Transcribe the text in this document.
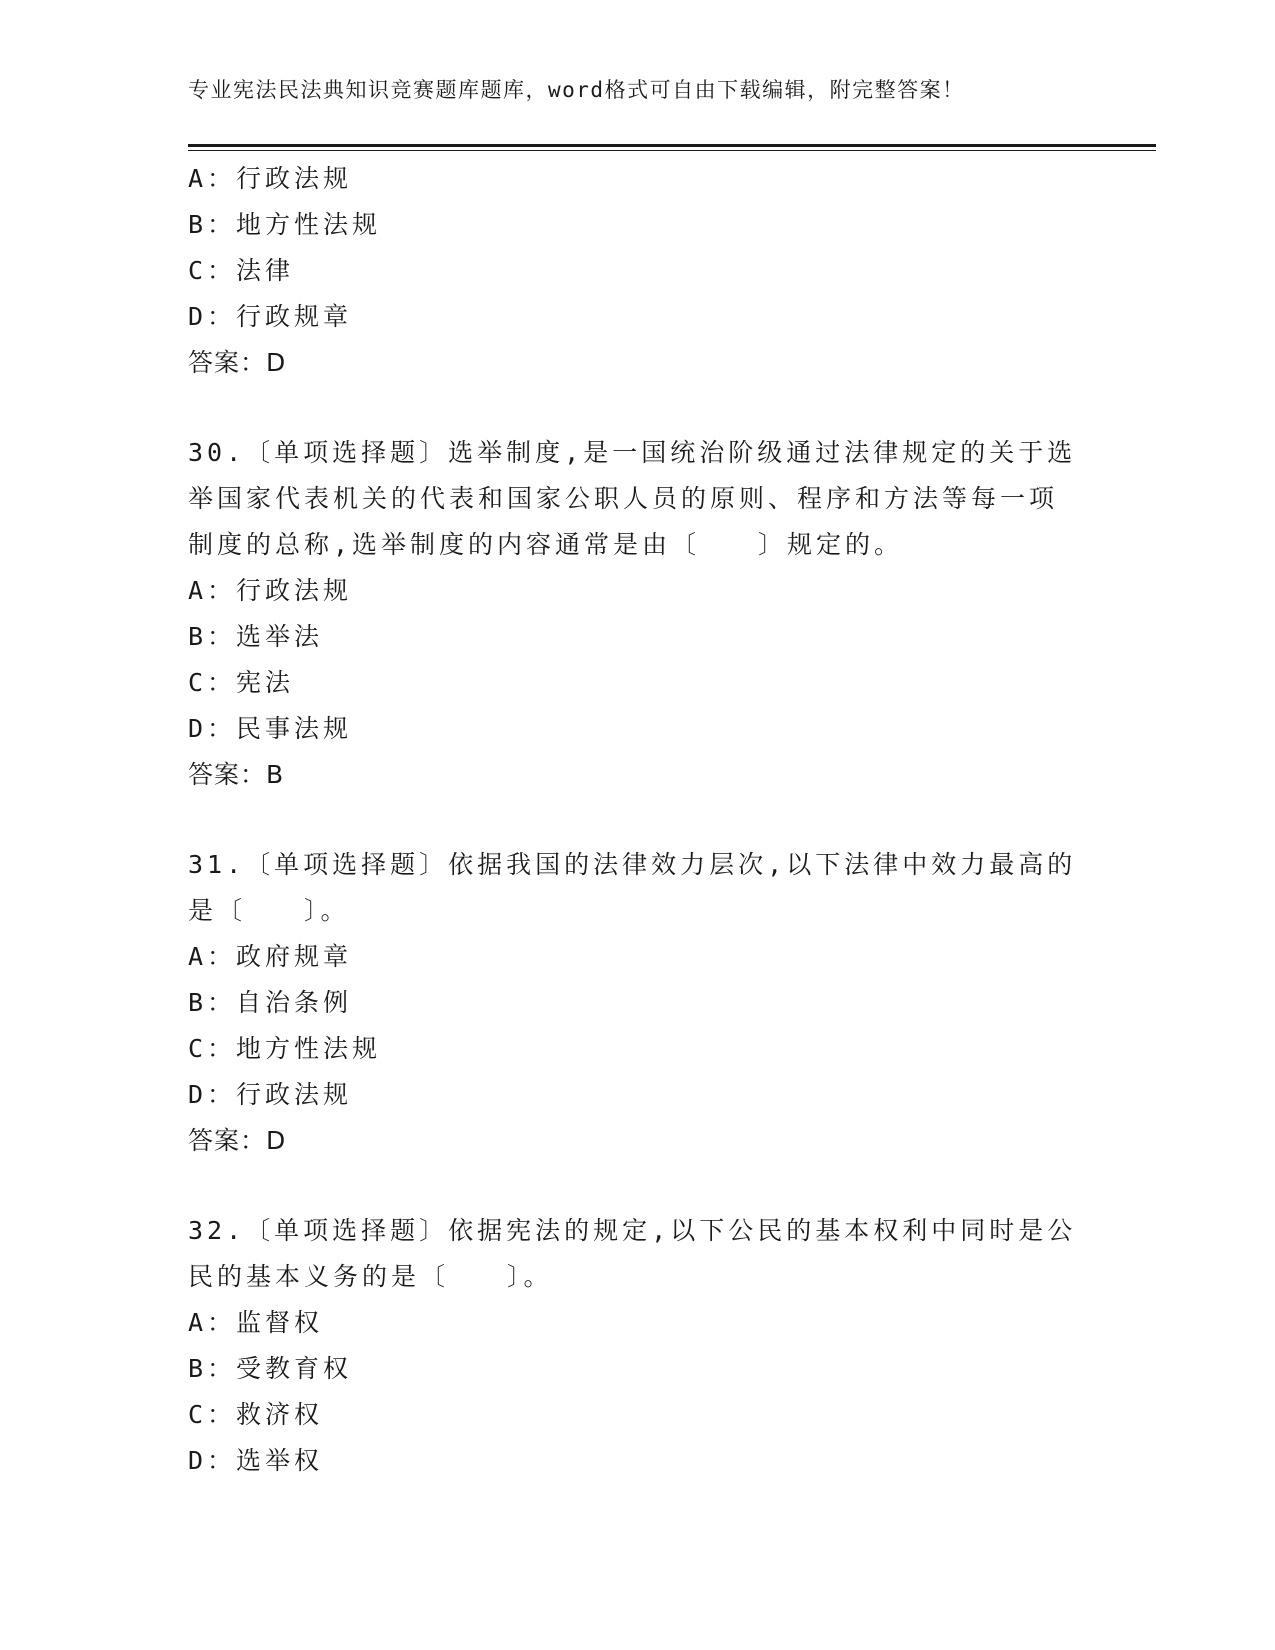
专业宪法民法典知识竞赛题库题库，word格式可自由下载编辑，附完整答案！
A：行政法规
B：地方性法规
C：法律
D：行政规章
答案：D
30.〔单项选择题〕选举制度,是一国统治阶级通过法律规定的关于选
举国家代表机关的代表和国家公职人员的原则、程序和方法等每一项
制度的总称,选举制度的内容通常是由〔　　〕规定的。
A：行政法规
B：选举法
C：宪法
D：民事法规
答案：B
31.〔单项选择题〕依据我国的法律效力层次,以下法律中效力最高的
是〔　　〕。
A：政府规章
B：自治条例
C：地方性法规
D：行政法规
答案：D
32.〔单项选择题〕依据宪法的规定,以下公民的基本权利中同时是公
民的基本义务的是〔　　〕。
A：监督权
B：受教育权
C：救济权
D：选举权
